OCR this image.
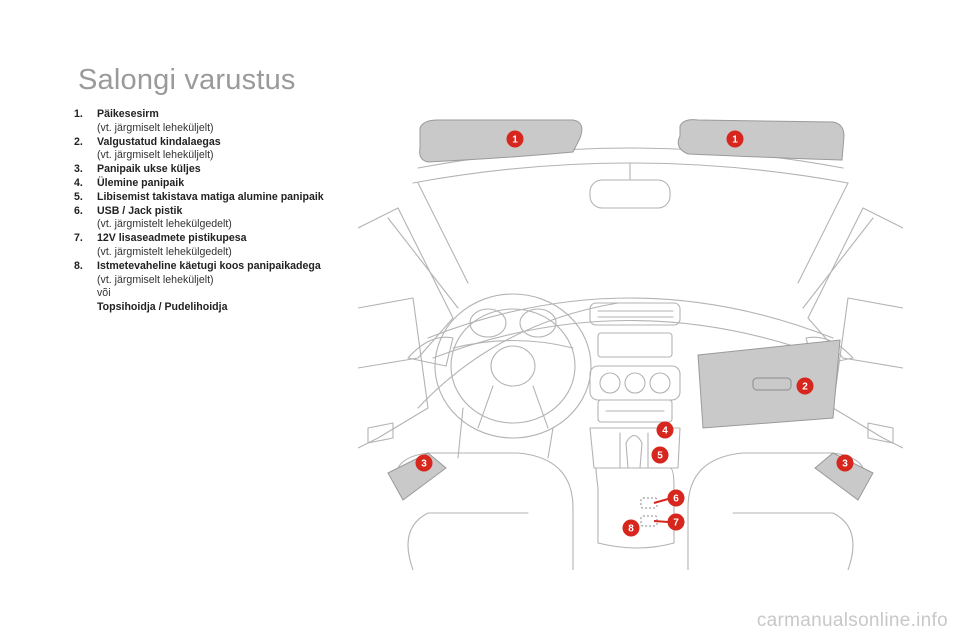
Salongi varustus
1.	Päikesesirm
(vt. järgmiselt leheküljelt)
2.	Valgustatud kindalaegas
(vt. järgmiselt leheküljelt)
3.	Panipaik ukse küljes
4.	Ülemine panipaik
5.	Libisemist takistava matiga alumine panipaik
6.	USB / Jack pistik
(vt. järgmistelt lehekülgedelt)
7.	12V lisaseadmete pistikupesa
(vt. järgmistelt lehekülgedelt)
8.	Istmetevaheline käetugi koos panipaikadega
(vt. järgmiselt leheküljelt)
või
Topsihoidja / Pudelihoidja
1	1
2
3	3
4
5
6
7
8
carmanualsonline.info
